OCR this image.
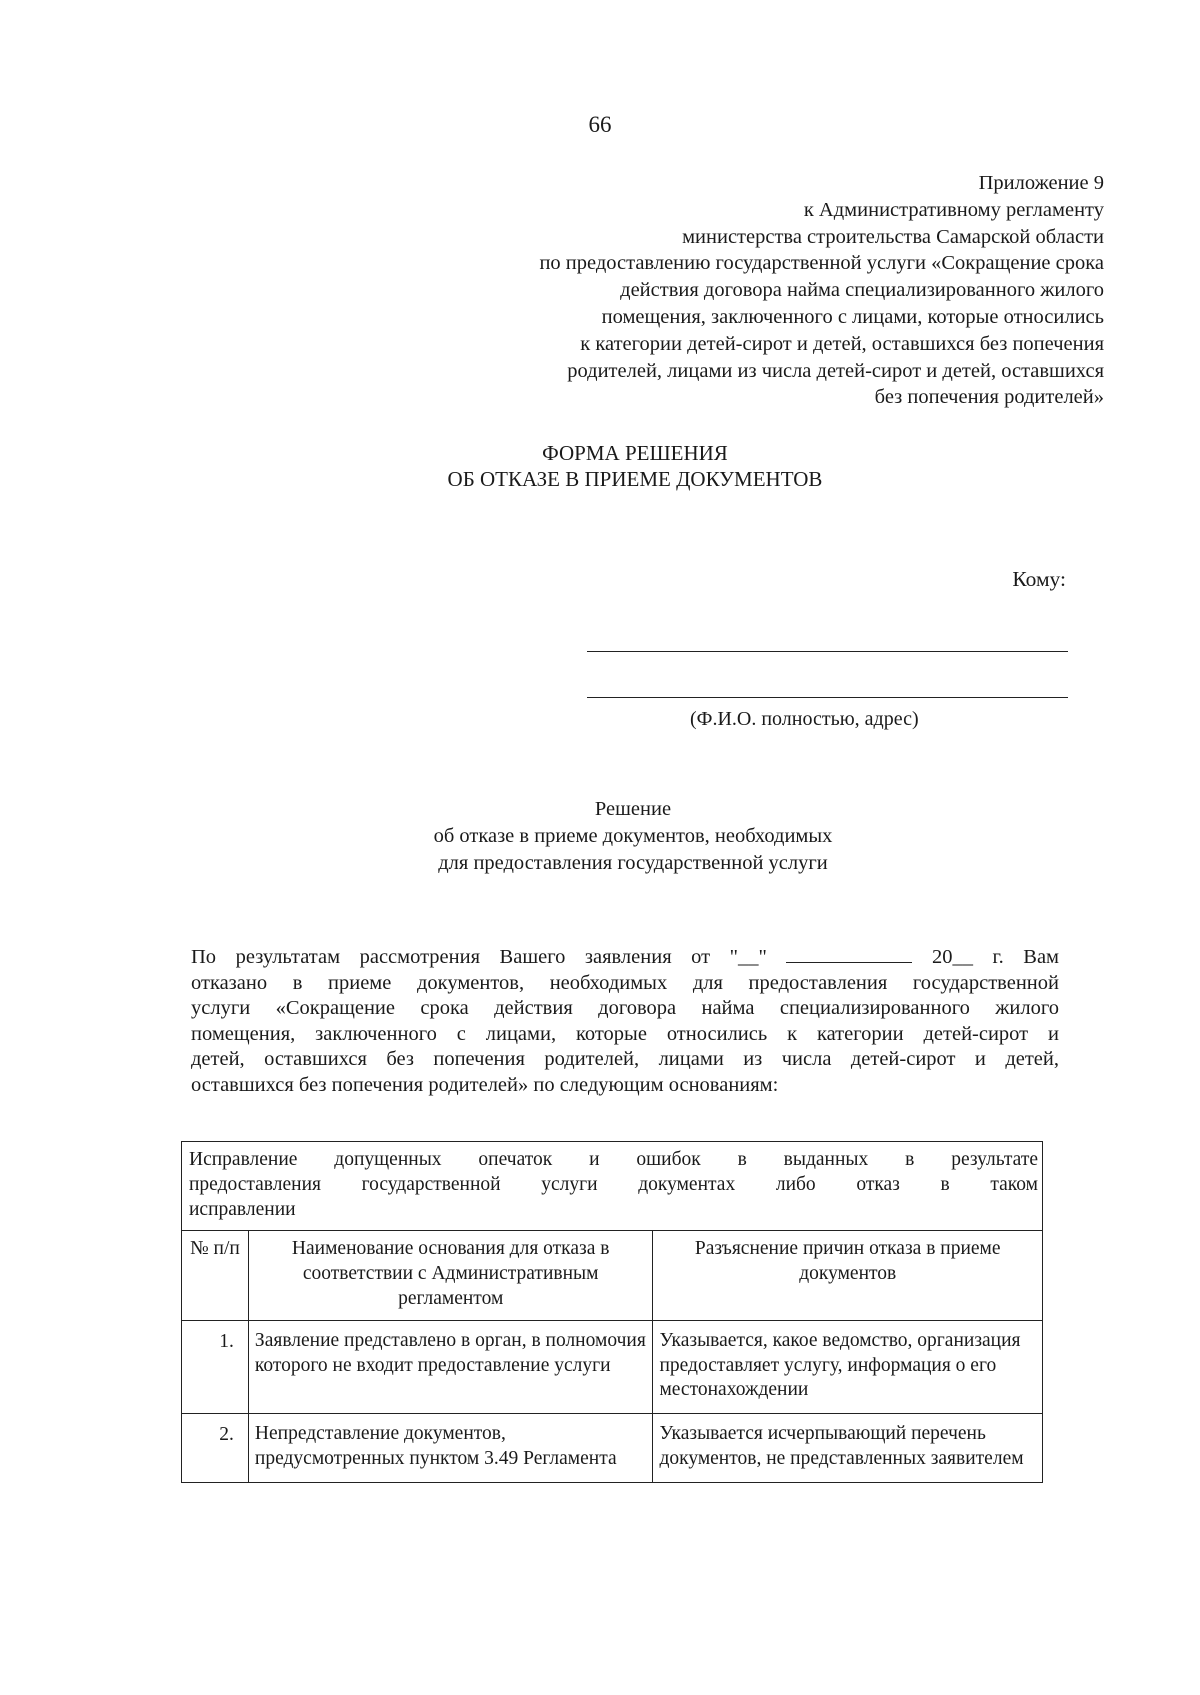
66
Приложение 9
к Административному регламенту
министерства строительства Самарской области
по предоставлению государственной услуги «Сокращение срока
действия договора найма специализированного жилого
помещения, заключенного с лицами, которые относились
к категории детей-сирот и детей, оставшихся без попечения
родителей, лицами из числа детей-сирот и детей, оставшихся
без попечения родителей»
ФОРМА РЕШЕНИЯ
ОБ ОТКАЗЕ В ПРИЕМЕ ДОКУМЕНТОВ
Кому:
(Ф.И.О. полностью, адрес)
Решение
об отказе в приеме документов, необходимых
для предоставления государственной услуги
По результатам рассмотрения Вашего заявления от "__"	20__ г. Вам
отказано в приеме документов, необходимых для предоставления государственной
услуги «Сокращение срока действия договора найма специализированного жилого
помещения, заключенного с лицами, которые относились к категории детей-сирот и
детей, оставшихся без попечения родителей, лицами из числа детей-сирот и детей,
оставшихся без попечения родителей» по следующим основаниям:
Исправление допущенных опечаток и ошибок в выданных в результате
предоставления государственной услуги документах либо отказ в таком
исправлении		

№ п/п	Наименование основания для отказа в соответствии с Административным регламентом	Разъяснение причин отказа в приеме документов
1.	Заявление представлено в орган, в полномочия которого не входит предоставление услуги	Указывается, какое ведомство, организация предоставляет услугу, информация о его местонахождении
2.	Непредставление документов, предусмотренных пунктом 3.49 Регламента	Указывается исчерпывающий перечень документов, не представленных заявителем
